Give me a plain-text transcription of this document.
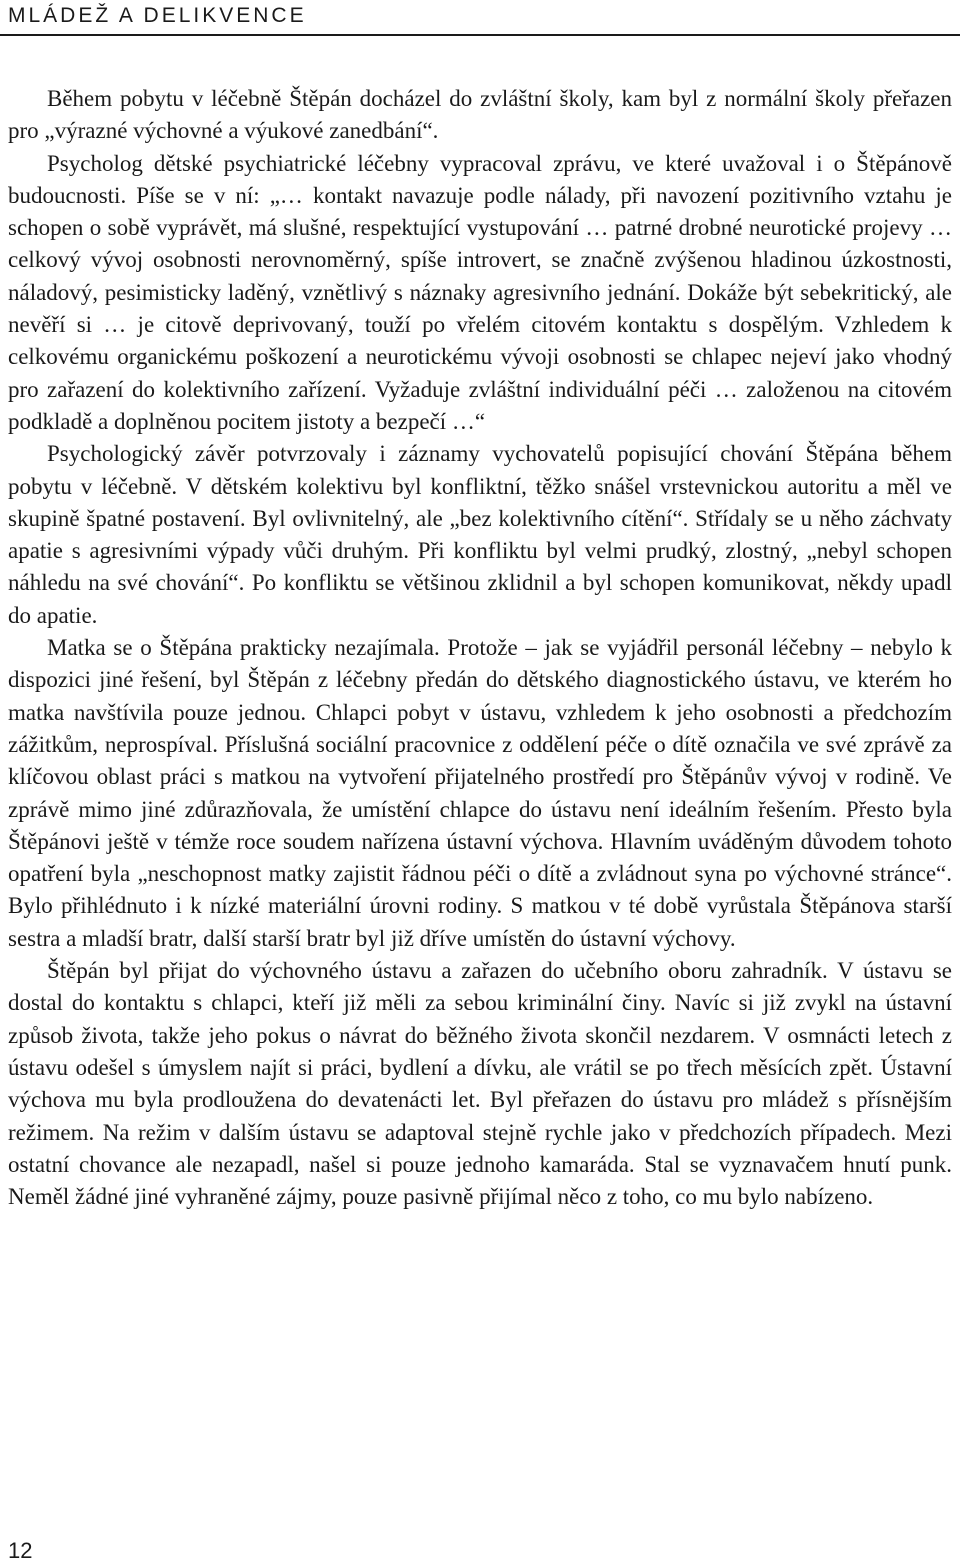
MLÁDEŽ A DELIKVENCE

Během pobytu v léčebně Štěpán docházel do zvláštní školy, kam byl z normální školy přeřazen pro „výrazné výchovné a výukové zanedbání“.

Psycholog dětské psychiatrické léčebny vypracoval zprávu, ve které uvažoval i o Štěpánově budoucnosti. Píše se v ní: „… kontakt navazuje podle nálady, při navození pozitivního vztahu je schopen o sobě vyprávět, má slušné, respektující vystupování … patrné drobné neurotické projevy … celkový vývoj osobnosti nerovnoměrný, spíše introvert, se značně zvýšenou hladinou úzkostnosti, náladový, pesimisticky laděný, vznětlivý s náznaky agresivního jednání. Dokáže být sebekritický, ale nevěří si … je citově deprivovaný, touží po vřelém citovém kontaktu s dospělým. Vzhledem k celkovému organickému poškození a neurotickému vývoji osobnosti se chlapec nejeví jako vhodný pro zařazení do kolektivního zařízení. Vyžaduje zvláštní individuální péči … založenou na citovém podkladě a doplněnou pocitem jistoty a bezpečí …“

Psychologický závěr potvrzovaly i záznamy vychovatelů popisující chování Štěpána během pobytu v léčebně. V dětském kolektivu byl konfliktní, těžko snášel vrstevnickou autoritu a měl ve skupině špatné postavení. Byl ovlivnitelný, ale „bez kolektivního cítění“. Střídaly se u něho záchvaty apatie s agresivními výpady vůči druhým. Při konfliktu byl velmi prudký, zlostný, „nebyl schopen náhledu na své chování“. Po konfliktu se většinou zklidnil a byl schopen komunikovat, někdy upadl do apatie.

Matka se o Štěpána prakticky nezajímala. Protože – jak se vyjádřil personál léčebny – nebylo k dispozici jiné řešení, byl Štěpán z léčebny předán do dětského diagnostického ústavu, ve kterém ho matka navštívila pouze jednou. Chlapci pobyt v ústavu, vzhledem k jeho osobnosti a předchozím zážitkům, neprospíval. Příslušná sociální pracovnice z oddělení péče o dítě označila ve své zprávě za klíčovou oblast práci s matkou na vytvoření přijatelného prostředí pro Štěpánův vývoj v rodině. Ve zprávě mimo jiné zdůrazňovala, že umístění chlapce do ústavu není ideálním řešením. Přesto byla Štěpánovi ještě v témže roce soudem nařízena ústavní výchova. Hlavním uváděným důvodem tohoto opatření byla „neschopnost matky zajistit řádnou péči o dítě a zvládnout syna po výchovné stránce“. Bylo přihlédnuto i k nízké materiální úrovni rodiny. S matkou v té době vyrůstala Štěpánova starší sestra a mladší bratr, další starší bratr byl již dříve umístěn do ústavní výchovy.

Štěpán byl přijat do výchovného ústavu a zařazen do učebního oboru zahradník. V ústavu se dostal do kontaktu s chlapci, kteří již měli za sebou kriminální činy. Navíc si již zvykl na ústavní způsob života, takže jeho pokus o návrat do běžného života skončil nezdarem. V osmnácti letech z ústavu odešel s úmyslem najít si práci, bydlení a dívku, ale vrátil se po třech měsících zpět. Ústavní výchova mu byla prodloužena do devatenácti let. Byl přeřazen do ústavu pro mládež s přísnějším režimem. Na režim v dalším ústavu se adaptoval stejně rychle jako v předchozích případech. Mezi ostatní chovance ale nezapadl, našel si pouze jednoho kamaráda. Stal se vyznavačem hnutí punk. Neměl žádné jiné vyhraněné zájmy, pouze pasivně přijímal něco z toho, co mu bylo nabízeno.

12
